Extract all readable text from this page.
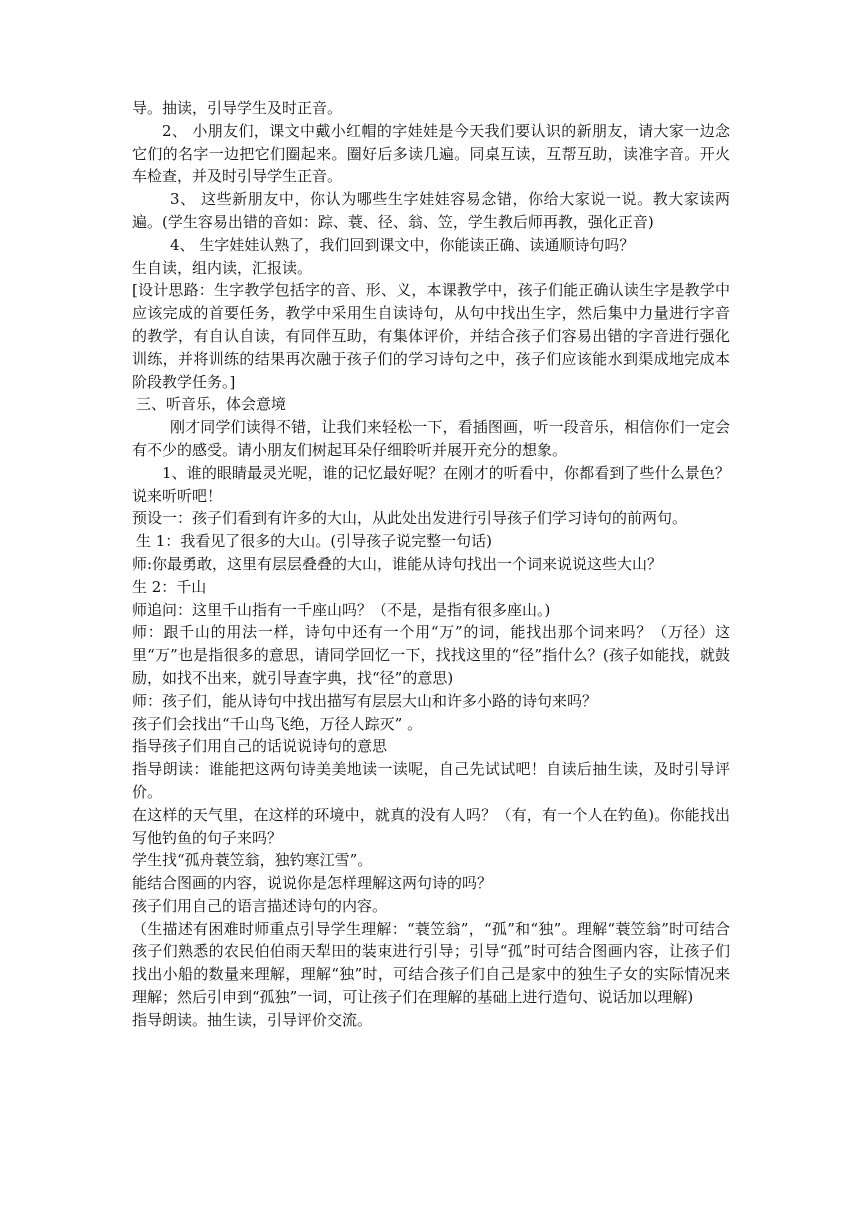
导。抽读，引导学生及时正音。

2、 小朋友们，课文中戴小红帽的字娃娃是今天我们要认识的新朋友，请大家一边念它们的名字一边把它们圈起来。圈好后多读几遍。同桌互读，互帮互助，读准字音。开火车检查，并及时引导学生正音。

3、 这些新朋友中，你认为哪些生字娃娃容易念错，你给大家说一说。教大家读两遍。(学生容易出错的音如：踪、蓑、径、翁、笠，学生教后师再教，强化正音)

4、 生字娃娃认熟了，我们回到课文中，你能读正确、读通顺诗句吗？

生自读，组内读，汇报读。

[设计思路：生字教学包括字的音、形、义，本课教学中，孩子们能正确认读生字是教学中应该完成的首要任务，教学中采用生自读诗句，从句中找出生字，然后集中力量进行字音的教学，有自认自读，有同伴互助，有集体评价，并结合孩子们容易出错的字音进行强化训练，并将训练的结果再次融于孩子们的学习诗句之中，孩子们应该能水到渠成地完成本阶段教学任务。]

三、听音乐，体会意境

刚才同学们读得不错，让我们来轻松一下，看插图画，听一段音乐，相信你们一定会有不少的感受。请小朋友们树起耳朵仔细聆听并展开充分的想象。

1、谁的眼睛最灵光呢，谁的记忆最好呢？在刚才的听看中，你都看到了些什么景色？说来听听吧！

预设一：孩子们看到有许多的大山，从此处出发进行引导孩子们学习诗句的前两句。

生 1：我看见了很多的大山。(引导孩子说完整一句话)

师:你最勇敢，这里有层层叠叠的大山，谁能从诗句找出一个词来说说这些大山？

生 2：千山

师追问：这里千山指有一千座山吗？（不是，是指有很多座山。)

师：跟千山的用法一样，诗句中还有一个用“万”的词，能找出那个词来吗？（万径）这里“万”也是指很多的意思，请同学回忆一下，找找这里的“径”指什么？(孩子如能找，就鼓励，如找不出来，就引导查字典，找“径”的意思)

师：孩子们，能从诗句中找出描写有层层大山和许多小路的诗句来吗？

孩子们会找出“千山鸟飞绝，万径人踪灭” 。

指导孩子们用自己的话说说诗句的意思

指导朗读：谁能把这两句诗美美地读一读呢，自己先试试吧！自读后抽生读，及时引导评价。

在这样的天气里，在这样的环境中，就真的没有人吗？（有，有一个人在钓鱼)。你能找出写他钓鱼的句子来吗？

学生找“孤舟蓑笠翁，独钓寒江雪”。

能结合图画的内容，说说你是怎样理解这两句诗的吗？

孩子们用自己的语言描述诗句的内容。

（生描述有困难时师重点引导学生理解：“蓑笠翁”，“孤”和“独”。理解“蓑笠翁”时可结合孩子们熟悉的农民伯伯雨天犁田的装束进行引导；引导“孤”时可结合图画内容，让孩子们找出小船的数量来理解，理解“独”时，可结合孩子们自己是家中的独生子女的实际情况来理解；然后引申到“孤独”一词，可让孩子们在理解的基础上进行造句、说话加以理解)

指导朗读。抽生读，引导评价交流。
